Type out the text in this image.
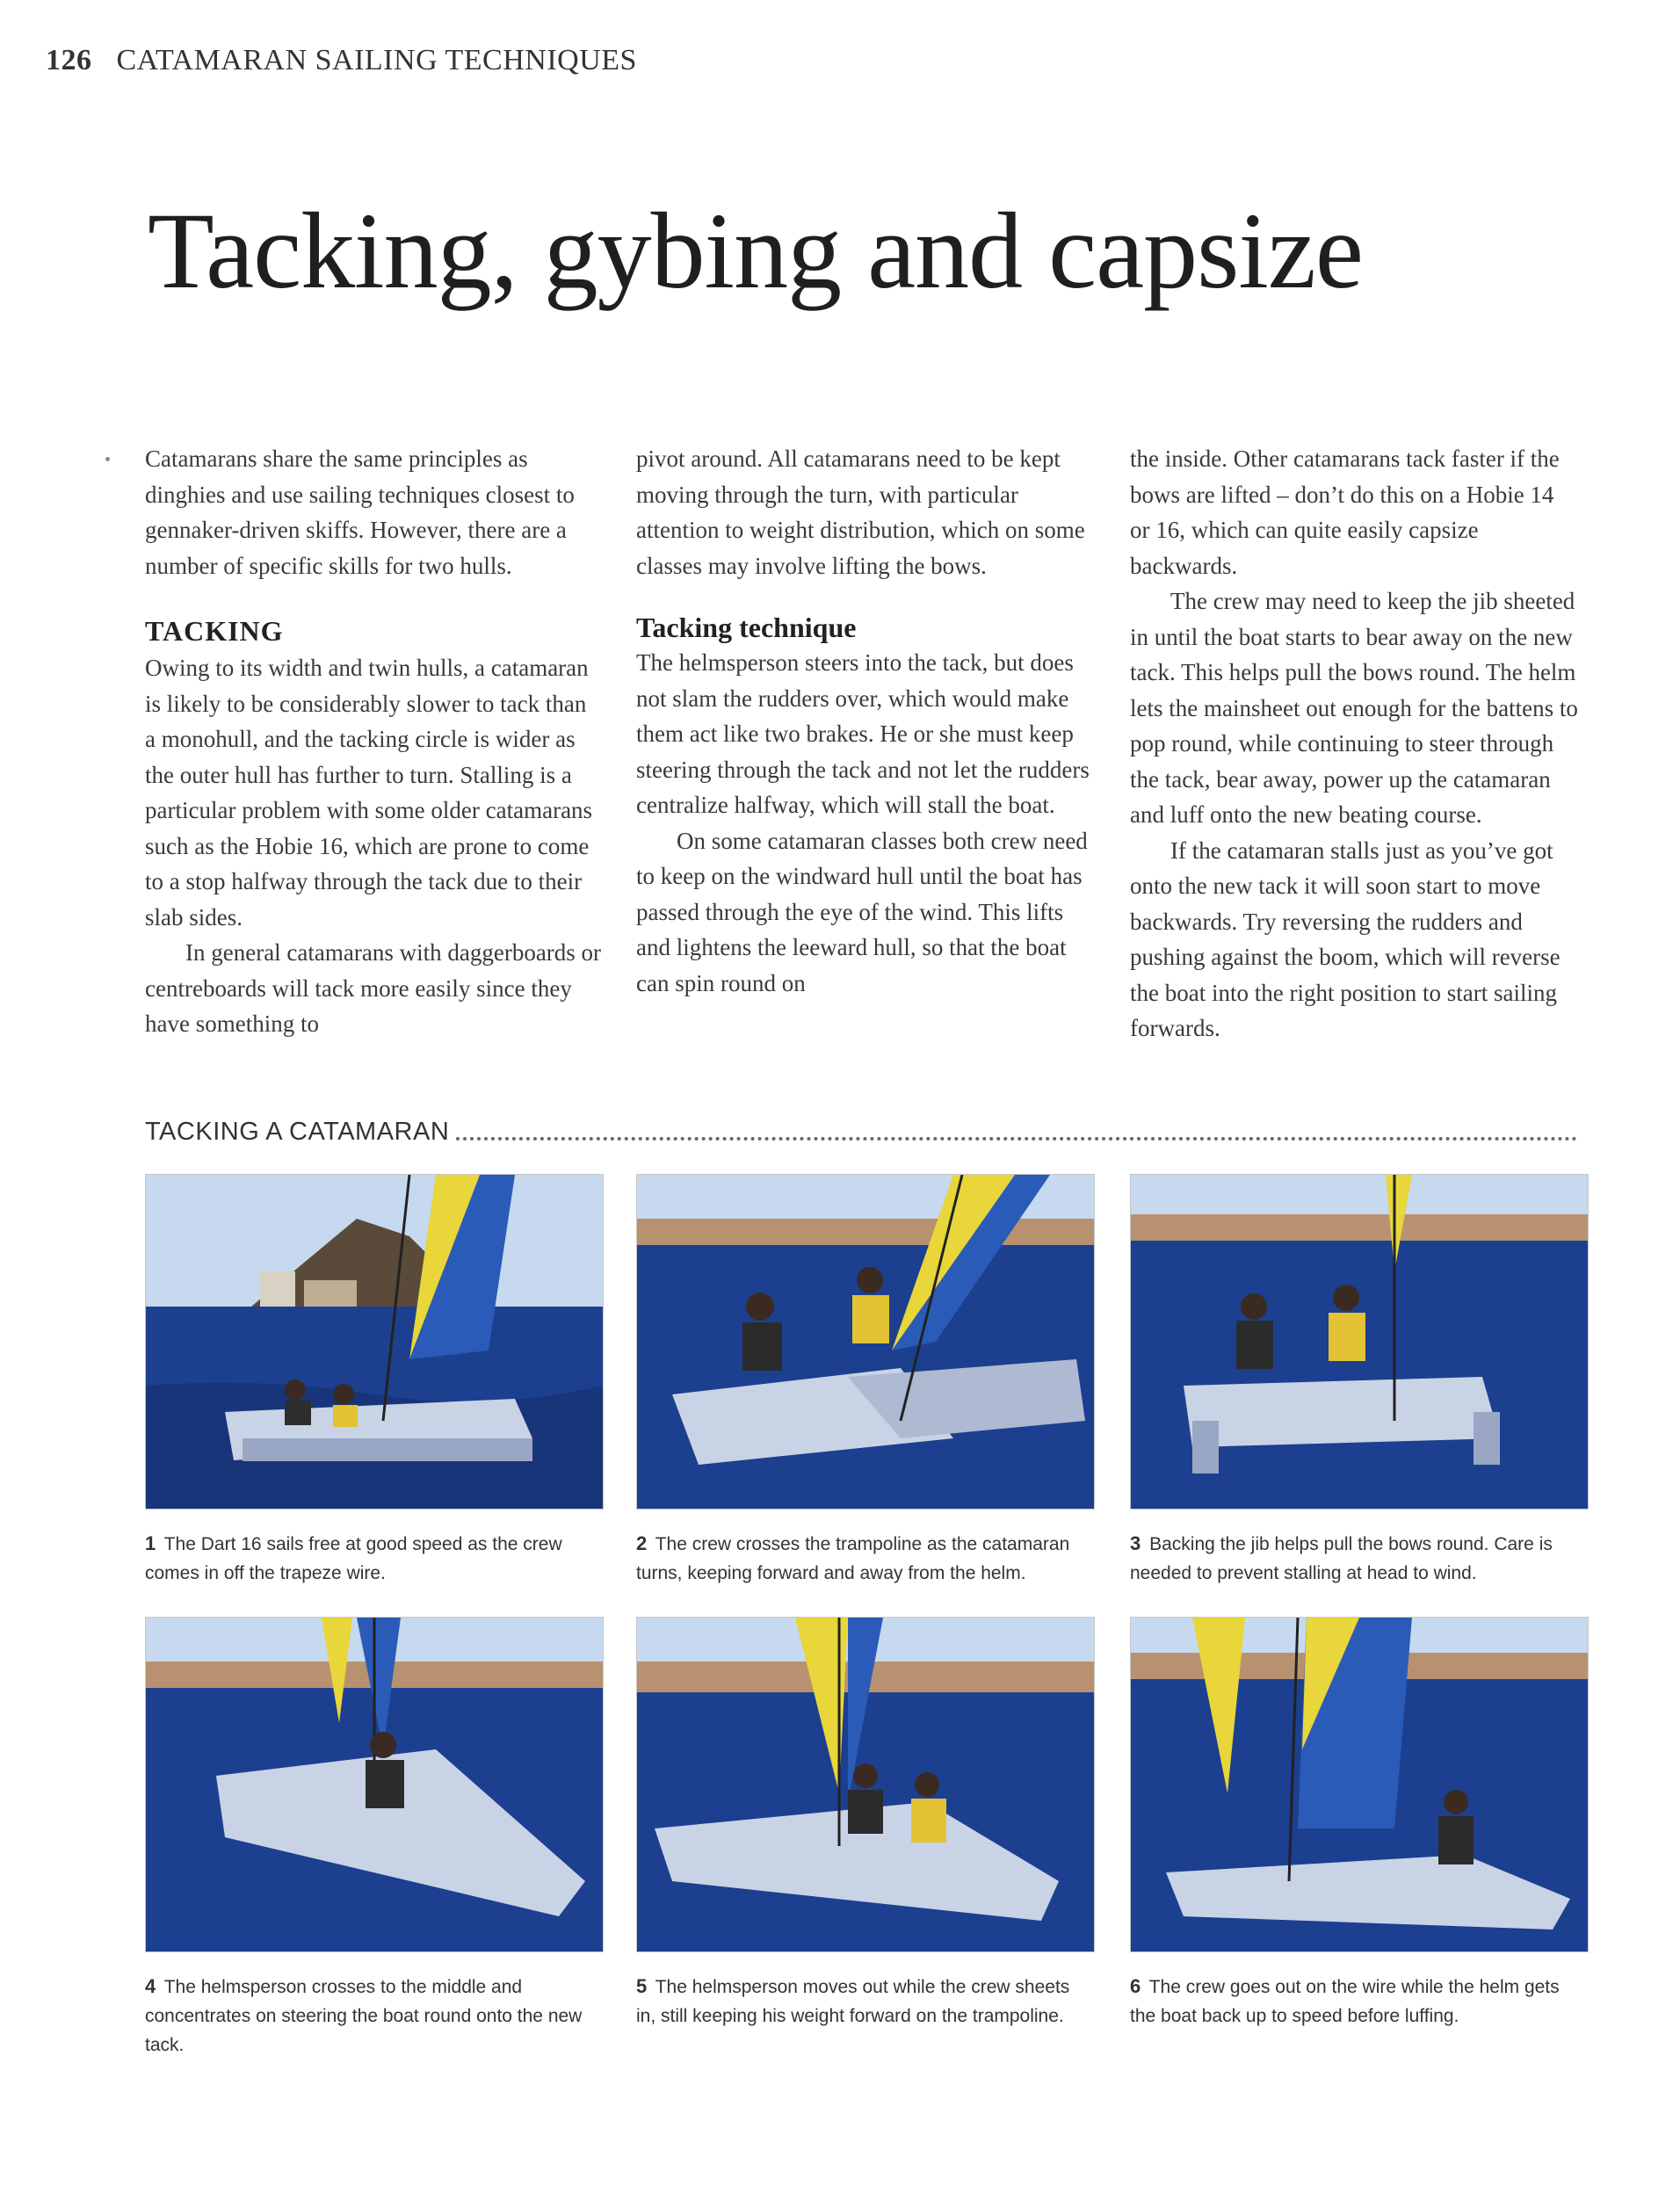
126 CATAMARAN SAILING TECHNIQUES
Tacking, gybing and capsize

Catamarans share the same principles as dinghies and use sailing techniques closest to gennaker-driven skiffs. However, there are a number of specific skills for two hulls.

TACKING

Owing to its width and twin hulls, a catamaran is likely to be considerably slower to tack than a monohull, and the tacking circle is wider as the outer hull has further to turn. Stalling is a particular problem with some older catamarans such as the Hobie 16, which are prone to come to a stop halfway through the tack due to their slab sides.

In general catamarans with daggerboards or centreboards will tack more easily since they have something to

pivot around. All catamarans need to be kept moving through the turn, with particular attention to weight distribution, which on some classes may involve lifting the bows.

Tacking technique

The helmsperson steers into the tack, but does not slam the rudders over, which would make them act like two brakes. He or she must keep steering through the tack and not let the rudders centralize halfway, which will stall the boat.

On some catamaran classes both crew need to keep on the windward hull until the boat has passed through the eye of the wind. This lifts and lightens the leeward hull, so that the boat can spin round on

the inside. Other catamarans tack faster if the bows are lifted – don’t do this on a Hobie 14 or 16, which can quite easily capsize backwards.

The crew may need to keep the jib sheeted in until the boat starts to bear away on the new tack. This helps pull the bows round. The helm lets the mainsheet out enough for the battens to pop round, while continuing to steer through the tack, bear away, power up the catamaran and luff onto the new beating course.

If the catamaran stalls just as you’ve got onto the new tack it will soon start to move backwards. Try reversing the rudders and pushing against the boom, which will reverse the boat into the right position to start sailing forwards.

TACKING A CATAMARAN
1 The Dart 16 sails free at good speed as the crew comes in off the trapeze wire.
2 The crew crosses the trampoline as the catamaran turns, keeping forward and away from the helm.
3 Backing the jib helps pull the bows round. Care is needed to prevent stalling at head to wind.
4 The helmsperson crosses to the middle and concentrates on steering the boat round onto the new tack.
5 The helmsperson moves out while the crew sheets in, still keeping his weight forward on the trampoline.
6 The crew goes out on the wire while the helm gets the boat back up to speed before luffing.
